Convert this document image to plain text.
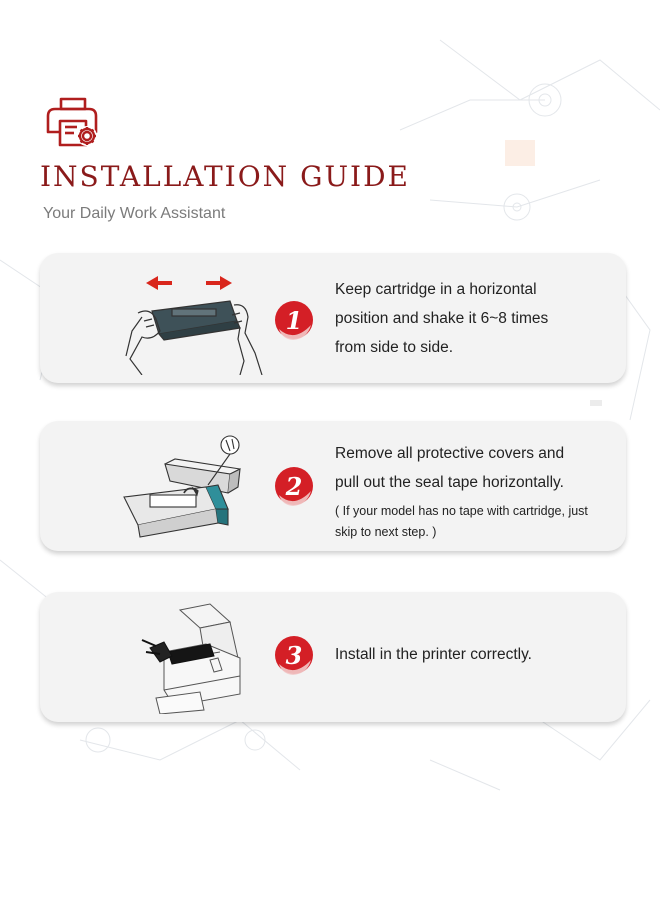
INSTALLATION GUIDE
Your Daily Work Assistant
1
Keep cartridge in a horizontal
position and shake it 6~8 times
from side to side.
2
Remove all protective covers and
pull out the seal tape horizontally.
( If your model has no tape with cartridge, just
skip to next step. )
3 Install in the printer correctly.
